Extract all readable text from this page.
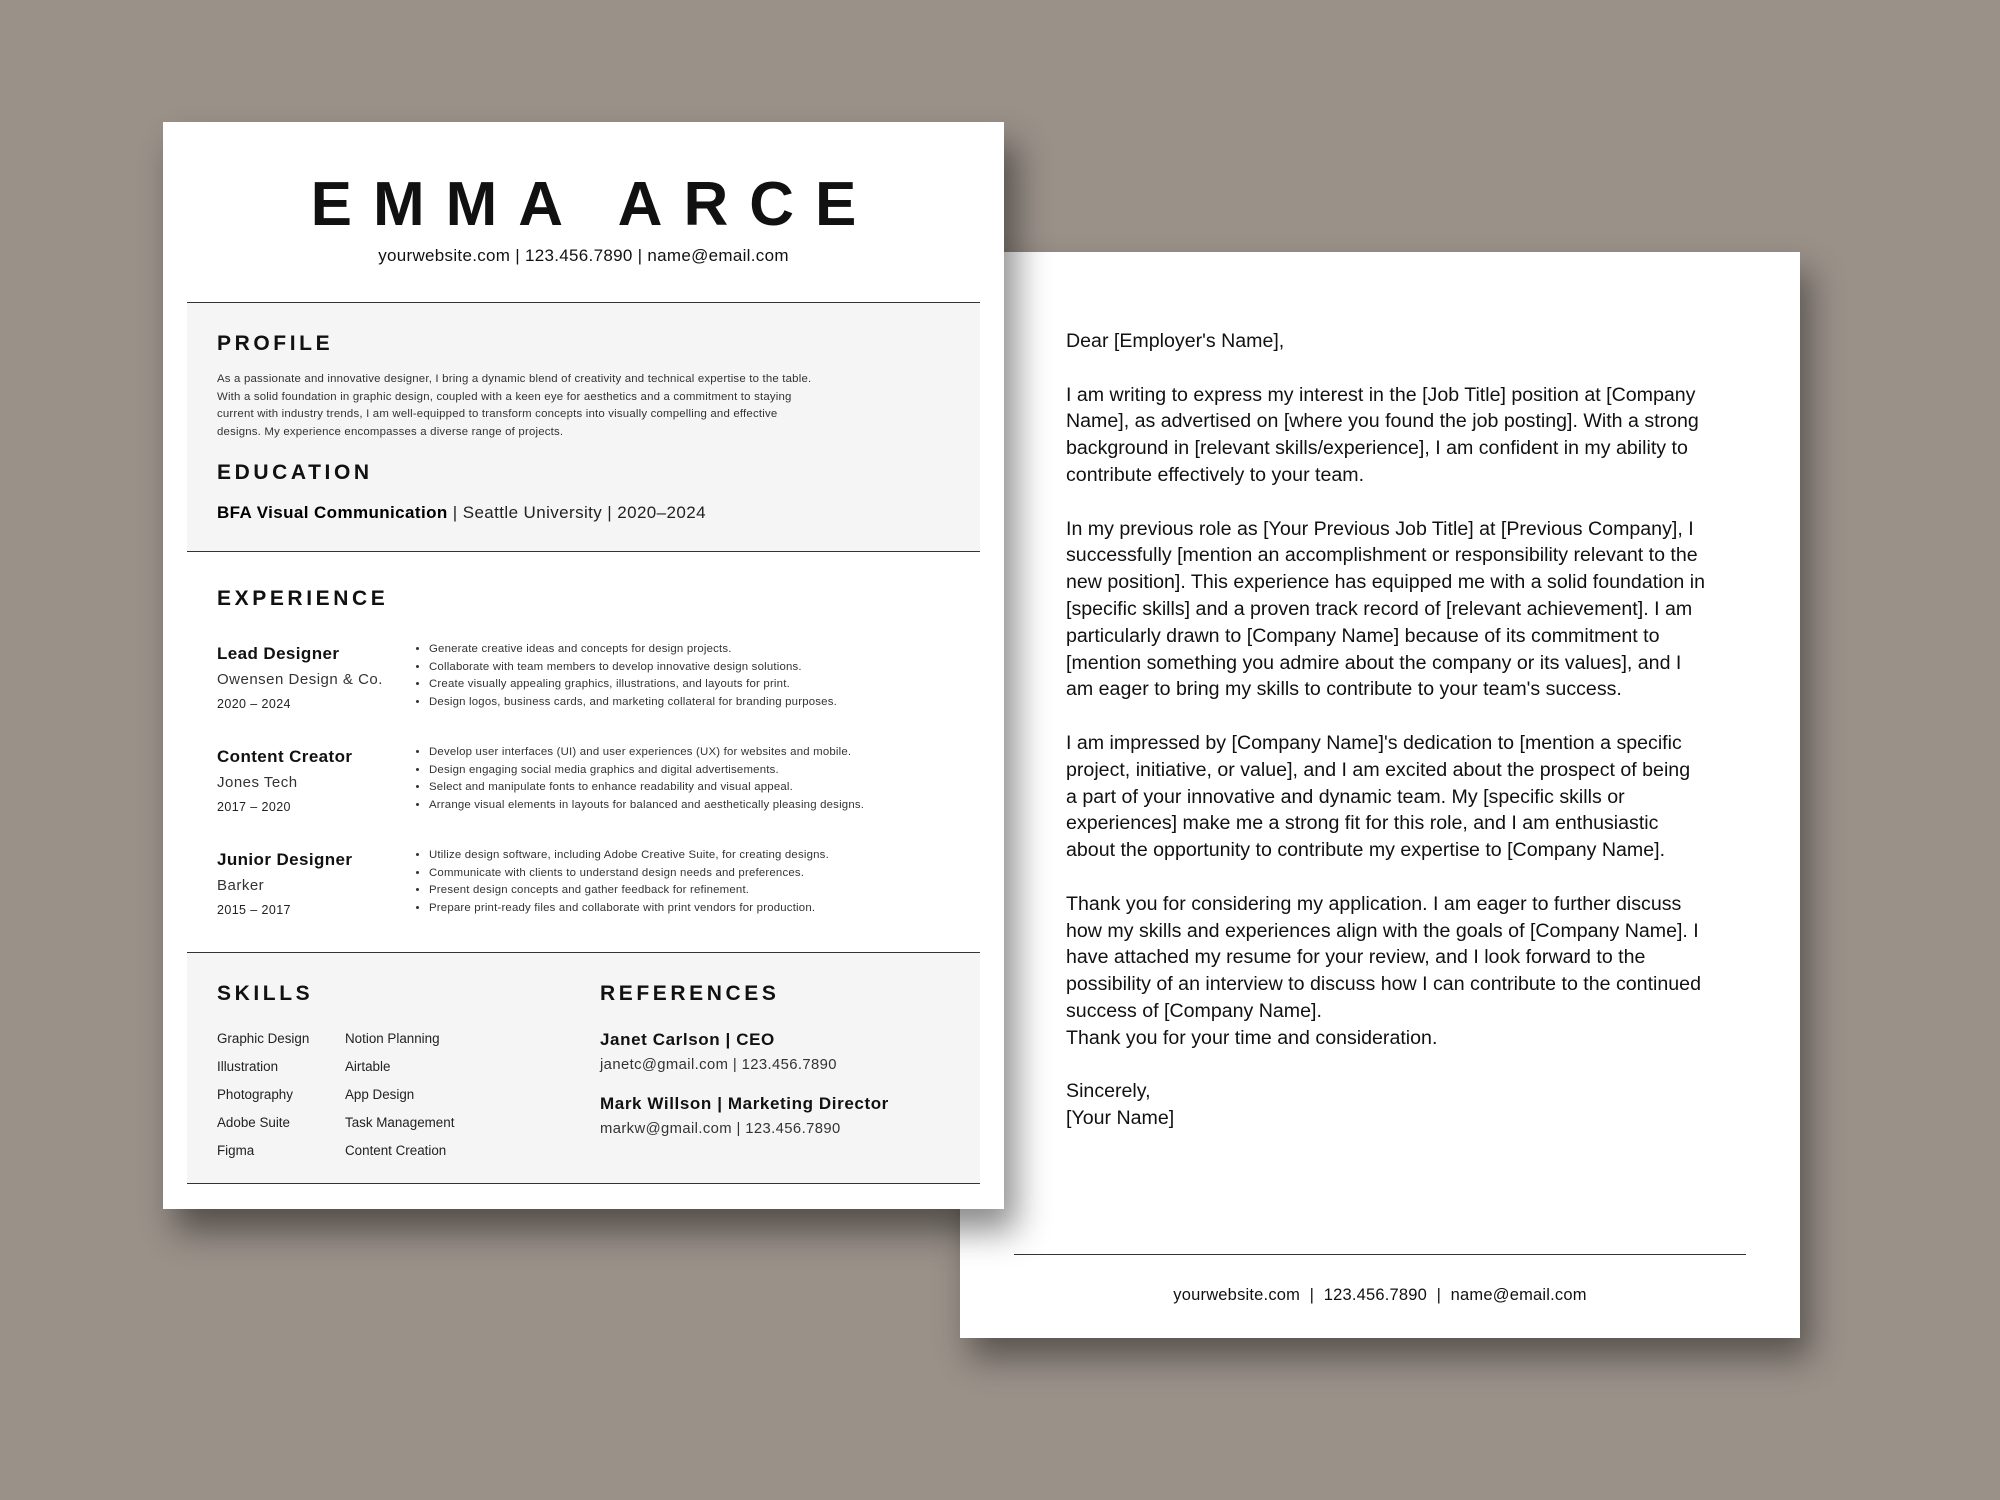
Dear [Employer's Name],

I am writing to express my interest in the [Job Title] position at [Company Name], as advertised on [where you found the job posting]. With a strong background in [relevant skills/experience], I am confident in my ability to contribute effectively to your team.

In my previous role as [Your Previous Job Title] at [Previous Company], I successfully [mention an accomplishment or responsibility relevant to the new position]. This experience has equipped me with a solid foundation in [specific skills] and a proven track record of [relevant achievement]. I am particularly drawn to [Company Name] because of its commitment to [mention something you admire about the company or its values], and I am eager to bring my skills to contribute to your team's success.

I am impressed by [Company Name]'s dedication to [mention a specific project, initiative, or value], and I am excited about the prospect of being a part of your innovative and dynamic team. My [specific skills or experiences] make me a strong fit for this role, and I am enthusiastic about the opportunity to contribute my expertise to [Company Name].

Thank you for considering my application. I am eager to further discuss how my skills and experiences align with the goals of [Company Name]. I have attached my resume for your review, and I look forward to the possibility of an interview to discuss how I can contribute to the continued success of [Company Name].

Thank you for your time and consideration.

Sincerely,

[Your Name]

yourwebsite.com  |  123.456.7890  |  name@email.com
EMMA ARCE
yourwebsite.com | 123.456.7890 | name@email.com
PROFILE
As a passionate and innovative designer, I bring a dynamic blend of creativity and technical expertise to the table.
With a solid foundation in graphic design, coupled with a keen eye for aesthetics and a commitment to staying
current with industry trends, I am well-equipped to transform concepts into visually compelling and effective
designs. My experience encompasses a diverse range of projects.
EDUCATION
BFA Visual Communication | Seattle University | 2020–2024
EXPERIENCE
Lead Designer
Owensen Design & Co.
2020 – 2024
• Generate creative ideas and concepts for design projects.
• Collaborate with team members to develop innovative design solutions.
• Create visually appealing graphics, illustrations, and layouts for print.
• Design logos, business cards, and marketing collateral for branding purposes.
Content Creator
Jones Tech
2017 – 2020
• Develop user interfaces (UI) and user experiences (UX) for websites and mobile.
• Design engaging social media graphics and digital advertisements.
• Select and manipulate fonts to enhance readability and visual appeal.
• Arrange visual elements in layouts for balanced and aesthetically pleasing designs.
Junior Designer
Barker
2015 – 2017
• Utilize design software, including Adobe Creative Suite, for creating designs.
• Communicate with clients to understand design needs and preferences.
• Present design concepts and gather feedback for refinement.
• Prepare print-ready files and collaborate with print vendors for production.
SKILLS
Graphic Design
Illustration
Photography
Adobe Suite
Figma
Notion Planning
Airtable
App Design
Task Management
Content Creation
REFERENCES
Janet Carlson | CEO
janetc@gmail.com | 123.456.7890
Mark Willson | Marketing Director
markw@gmail.com | 123.456.7890
